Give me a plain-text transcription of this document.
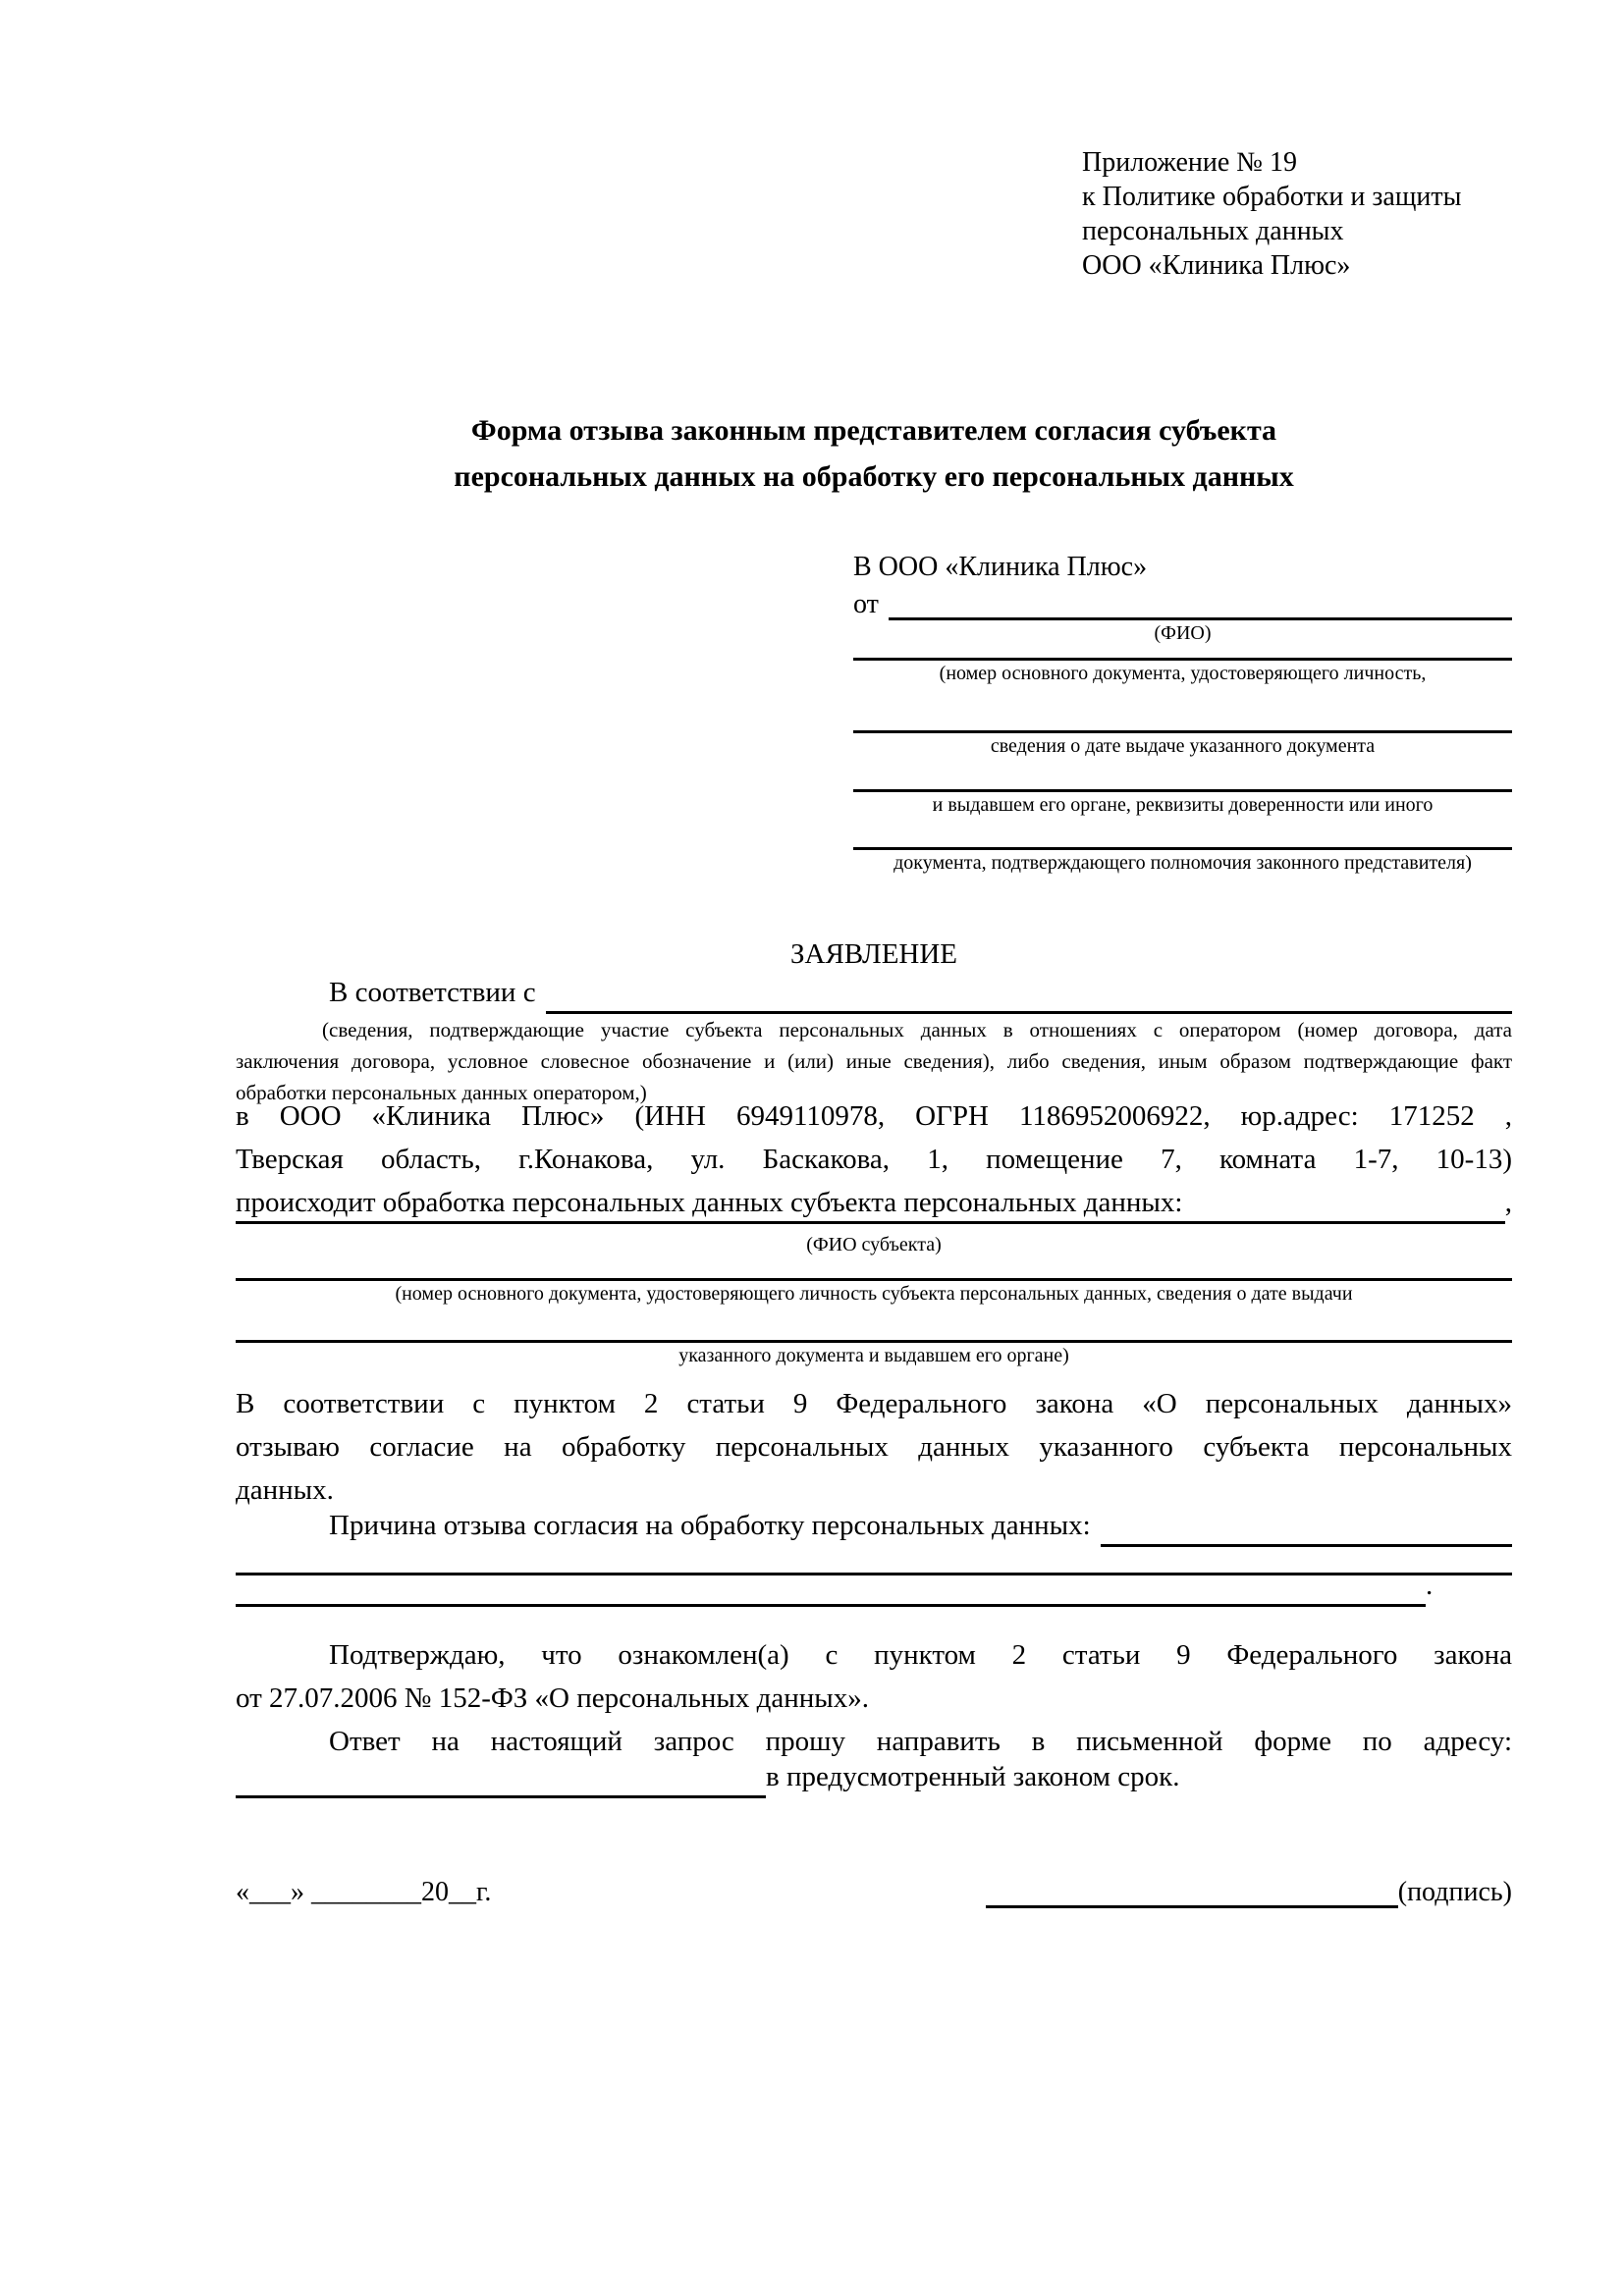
Приложение № 19
к Политике обработки и защиты
персональных данных
ООО «Клиника Плюс»
Форма отзыва законным представителем согласия субъекта
персональных данных на обработку его персональных данных
В ООО «Клиника Плюс»
от
(ФИО)
(номер основного документа, удостоверяющего личность,
сведения о дате выдаче указанного документа
и выдавшем его органе, реквизиты доверенности или иного
документа, подтверждающего полномочия законного представителя)
ЗАЯВЛЕНИЕ
В соответствии с
(сведения, подтверждающие участие субъекта персональных данных в отношениях с оператором (номер договора, дата
заключения договора, условное словесное обозначение и (или) иные сведения), либо сведения, иным образом подтверждающие факт
обработки персональных данных оператором,)
в ООО «Клиника Плюс» (ИНН 6949110978, ОГРН 1186952006922, юр.адрес: 171252 ,
Тверская область, г.Конакова, ул. Баскакова, 1, помещение 7, комната 1-7, 10-13)
происходит обработка персональных данных субъекта персональных данных:	,
(ФИО субъекта)
(номер основного документа, удостоверяющего личность субъекта персональных данных, сведения о дате выдачи
указанного документа и выдавшем его органе)
В соответствии с пунктом 2 статьи 9 Федерального закона «О персональных данных»
отзываю согласие на обработку персональных данных указанного субъекта персональных
данных.
Причина отзыва согласия на обработку персональных данных:
.
Подтверждаю, что ознакомлен(а) с пунктом 2 статьи 9 Федерального закона
от 27.07.2006 № 152-ФЗ «О персональных данных».
Ответ на настоящий запрос прошу направить в письменной форме по адресу:
в предусмотренный законом срок.
«___» ________20__г.	(подпись)
